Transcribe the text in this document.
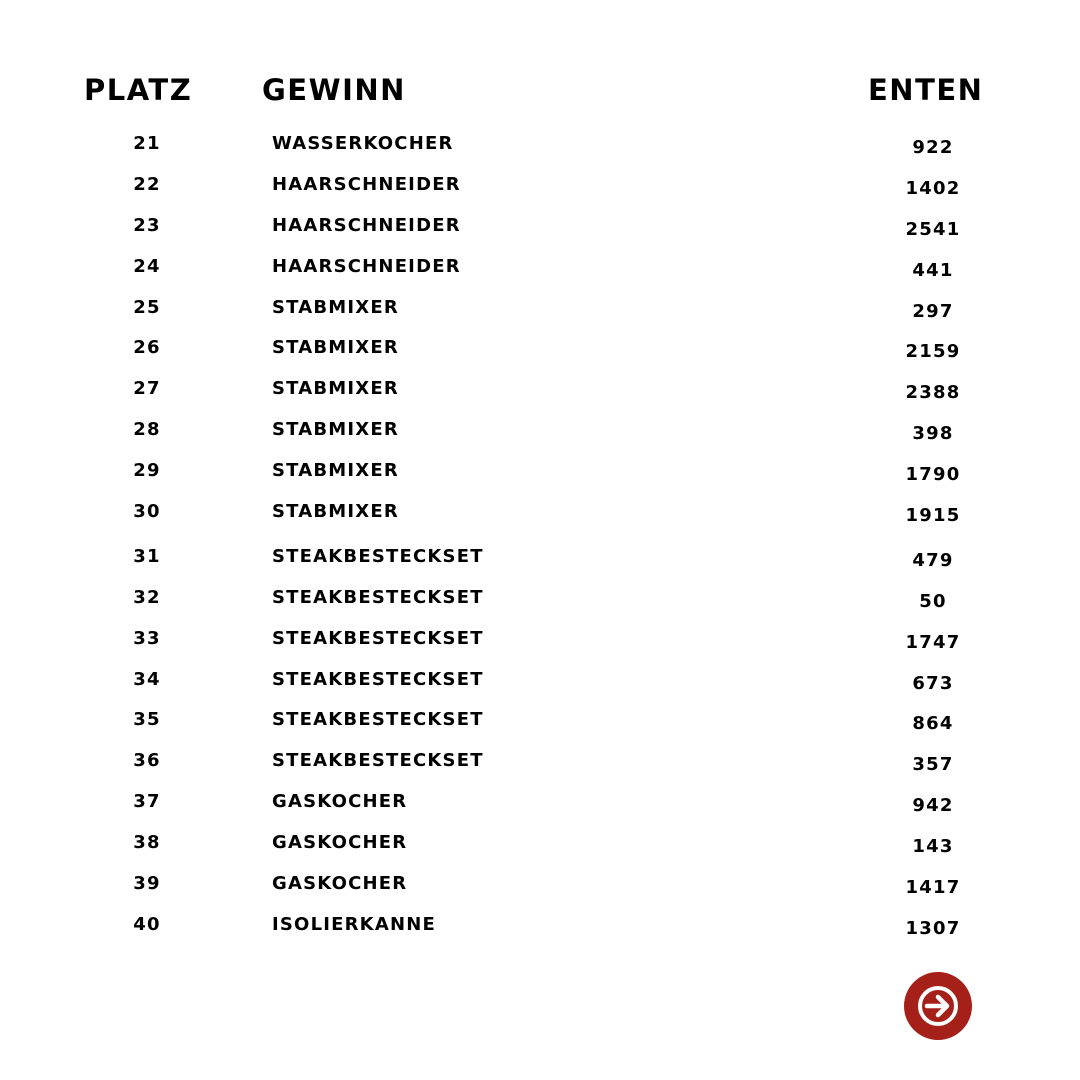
PLATZ GEWINN	ENTEN
21	WASSERKOCHER	922
22	HAARSCHNEIDER	1402
23	HAARSCHNEIDER	2541
24	HAARSCHNEIDER	441
25	STABMIXER	297
26	STABMIXER	2159
27	STABMIXER	2388
28	STABMIXER	398
29	STABMIXER	1790
30	STABMIXER	1915
31	STEAKBESTECKSET	479
32	STEAKBESTECKSET	50
33	STEAKBESTECKSET	1747
34	STEAKBESTECKSET	673
35	STEAKBESTECKSET	864
36	STEAKBESTECKSET	357
37	GASKOCHER	942
38	GASKOCHER	143
39	GASKOCHER	1417
40	ISOLIERKANNE	1307
